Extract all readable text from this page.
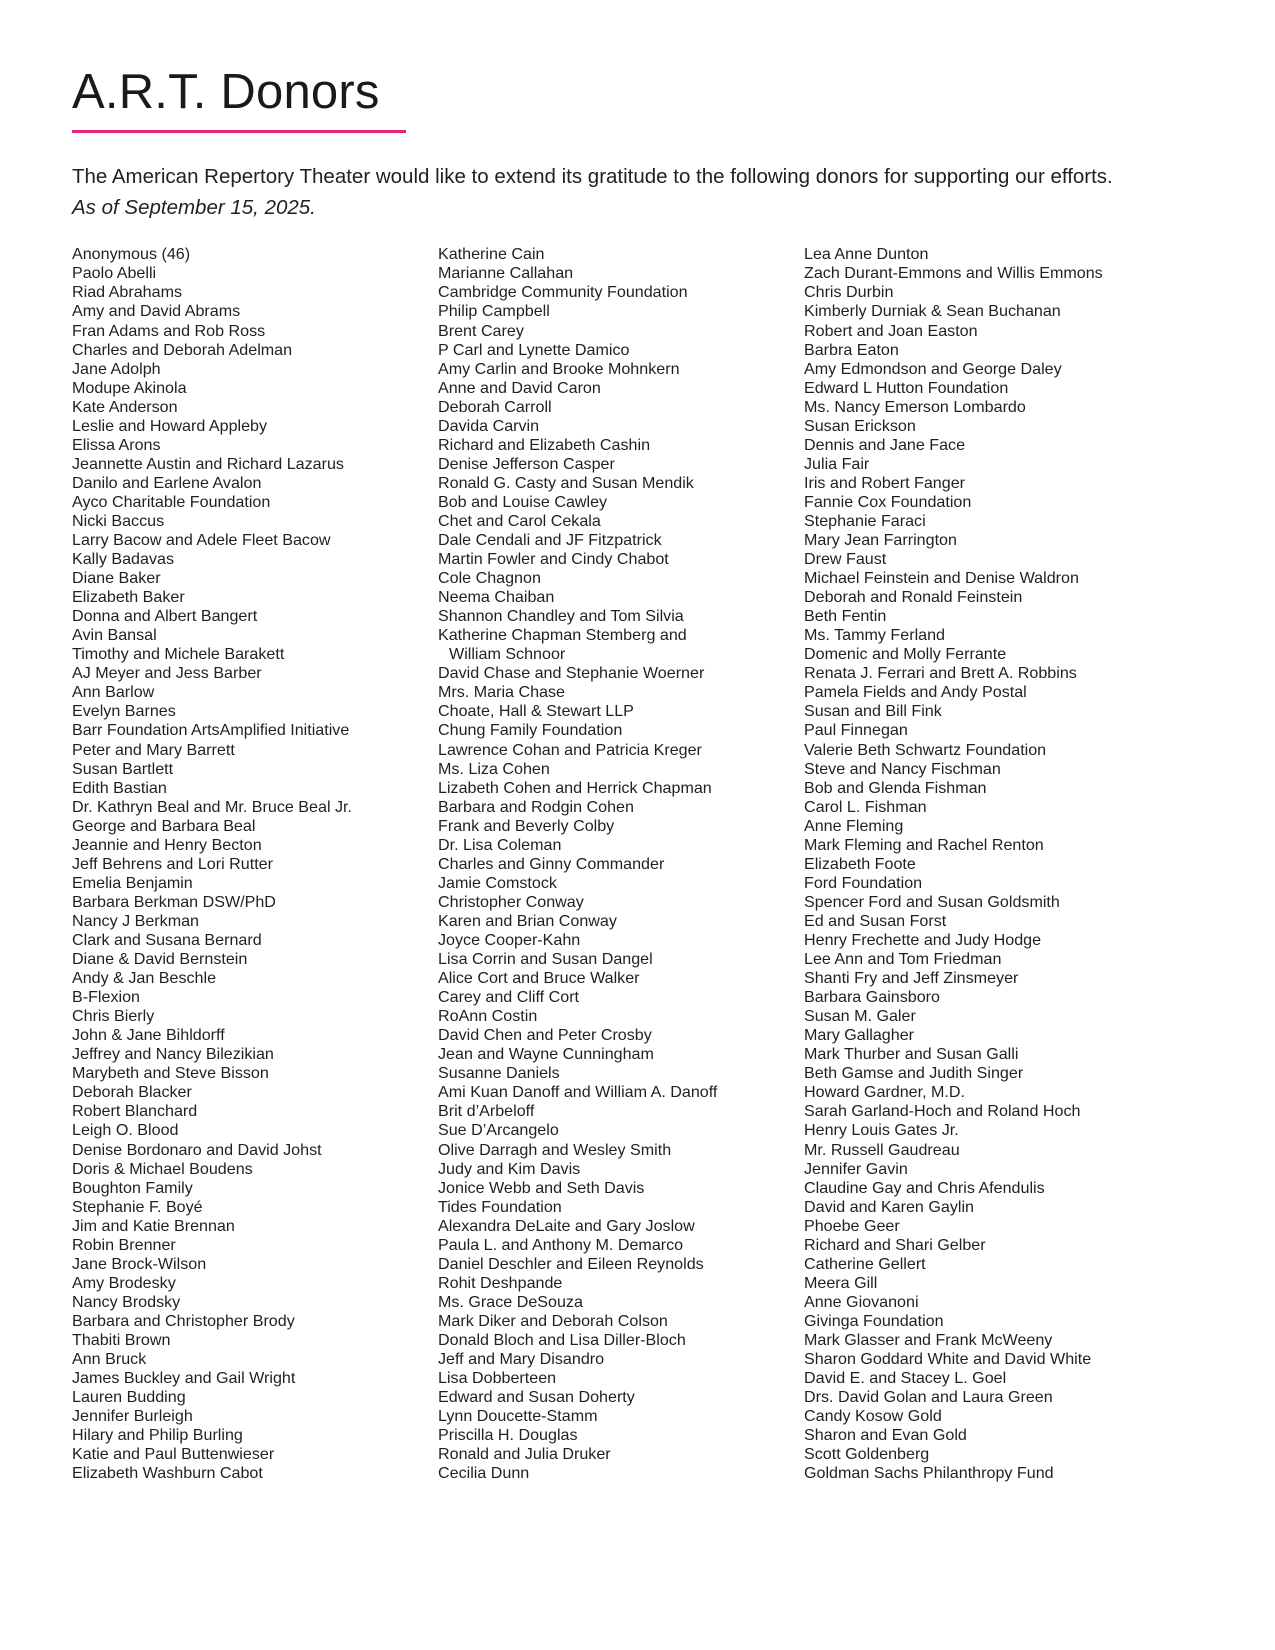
A.R.T. Donors

The American Repertory Theater would like to extend its gratitude to the following donors for supporting our efforts. As of September 15, 2025.

Anonymous (46)
Paolo Abelli
Riad Abrahams
Amy and David Abrams
Fran Adams and Rob Ross
Charles and Deborah Adelman
Jane Adolph
Modupe Akinola
Kate Anderson
Leslie and Howard Appleby
Elissa Arons
Jeannette Austin and Richard Lazarus
Danilo and Earlene Avalon
Ayco Charitable Foundation
Nicki Baccus
Larry Bacow and Adele Fleet Bacow
Kally Badavas
Diane Baker
Elizabeth Baker
Donna and Albert Bangert
Avin Bansal
Timothy and Michele Barakett
AJ Meyer and Jess Barber
Ann Barlow
Evelyn Barnes
Barr Foundation ArtsAmplified Initiative
Peter and Mary Barrett
Susan Bartlett
Edith Bastian
Dr. Kathryn Beal and Mr. Bruce Beal Jr.
George and Barbara Beal
Jeannie and Henry Becton
Jeff Behrens and Lori Rutter
Emelia Benjamin
Barbara Berkman DSW/PhD
Nancy J Berkman
Clark and Susana Bernard
Diane & David Bernstein
Andy & Jan Beschle
B-Flexion
Chris Bierly
John & Jane Bihldorff
Jeffrey and Nancy Bilezikian
Marybeth and Steve Bisson
Deborah Blacker
Robert Blanchard
Leigh O. Blood
Denise Bordonaro and David Johst
Doris & Michael Boudens
Boughton Family
Stephanie F. Boyé
Jim and Katie Brennan
Robin Brenner
Jane Brock-Wilson
Amy Brodesky
Nancy Brodsky
Barbara and Christopher Brody
Thabiti Brown
Ann Bruck
James Buckley and Gail Wright
Lauren Budding
Jennifer Burleigh
Hilary and Philip Burling
Katie and Paul Buttenwieser
Elizabeth Washburn Cabot
Katherine Cain
Marianne Callahan
Cambridge Community Foundation
Philip Campbell
Brent Carey
P Carl and Lynette Damico
Amy Carlin and Brooke Mohnkern
Anne and David Caron
Deborah Carroll
Davida Carvin
Richard and Elizabeth Cashin
Denise Jefferson Casper
Ronald G. Casty and Susan Mendik
Bob and Louise Cawley
Chet and Carol Cekala
Dale Cendali and JF Fitzpatrick
Martin Fowler and Cindy Chabot
Cole Chagnon
Neema Chaiban
Shannon Chandley and Tom Silvia
Katherine Chapman Stemberg and
William Schnoor
David Chase and Stephanie Woerner
Mrs. Maria Chase
Choate, Hall & Stewart LLP
Chung Family Foundation
Lawrence Cohan and Patricia Kreger
Ms. Liza Cohen
Lizabeth Cohen and Herrick Chapman
Barbara and Rodgin Cohen
Frank and Beverly Colby
Dr. Lisa Coleman
Charles and Ginny Commander
Jamie Comstock
Christopher Conway
Karen and Brian Conway
Joyce Cooper-Kahn
Lisa Corrin and Susan Dangel
Alice Cort and Bruce Walker
Carey and Cliff Cort
RoAnn Costin
David Chen and Peter Crosby
Jean and Wayne Cunningham
Susanne Daniels
Ami Kuan Danoff and William A. Danoff
Brit d’Arbeloff
Sue D’Arcangelo
Olive Darragh and Wesley Smith
Judy and Kim Davis
Jonice Webb and Seth Davis
Tides Foundation
Alexandra DeLaite and Gary Joslow
Paula L. and Anthony M. Demarco
Daniel Deschler and Eileen Reynolds
Rohit Deshpande
Ms. Grace DeSouza
Mark Diker and Deborah Colson
Donald Bloch and Lisa Diller-Bloch
Jeff and Mary Disandro
Lisa Dobberteen
Edward and Susan Doherty
Lynn Doucette-Stamm
Priscilla H. Douglas
Ronald and Julia Druker
Cecilia Dunn
Lea Anne Dunton
Zach Durant-Emmons and Willis Emmons
Chris Durbin
Kimberly Durniak & Sean Buchanan
Robert and Joan Easton
Barbra Eaton
Amy Edmondson and George Daley
Edward L Hutton Foundation
Ms. Nancy Emerson Lombardo
Susan Erickson
Dennis and Jane Face
Julia Fair
Iris and Robert Fanger
Fannie Cox Foundation
Stephanie Faraci
Mary Jean Farrington
Drew Faust
Michael Feinstein and Denise Waldron
Deborah and Ronald Feinstein
Beth Fentin
Ms. Tammy Ferland
Domenic and Molly Ferrante
Renata J. Ferrari and Brett A. Robbins
Pamela Fields and Andy Postal
Susan and Bill Fink
Paul Finnegan
Valerie Beth Schwartz Foundation
Steve and Nancy Fischman
Bob and Glenda Fishman
Carol L. Fishman
Anne Fleming
Mark Fleming and Rachel Renton
Elizabeth Foote
Ford Foundation
Spencer Ford and Susan Goldsmith
Ed and Susan Forst
Henry Frechette and Judy Hodge
Lee Ann and Tom Friedman
Shanti Fry and Jeff Zinsmeyer
Barbara Gainsboro
Susan M. Galer
Mary Gallagher
Mark Thurber and Susan Galli
Beth Gamse and Judith Singer
Howard Gardner, M.D.
Sarah Garland-Hoch and Roland Hoch
Henry Louis Gates Jr.
Mr. Russell Gaudreau
Jennifer Gavin
Claudine Gay and Chris Afendulis
David and Karen Gaylin
Phoebe Geer
Richard and Shari Gelber
Catherine Gellert
Meera Gill
Anne Giovanoni
Givinga Foundation
Mark Glasser and Frank McWeeny
Sharon Goddard White and David White
David E. and Stacey L. Goel
Drs. David Golan and Laura Green
Candy Kosow Gold
Sharon and Evan Gold
Scott Goldenberg
Goldman Sachs Philanthropy Fund
